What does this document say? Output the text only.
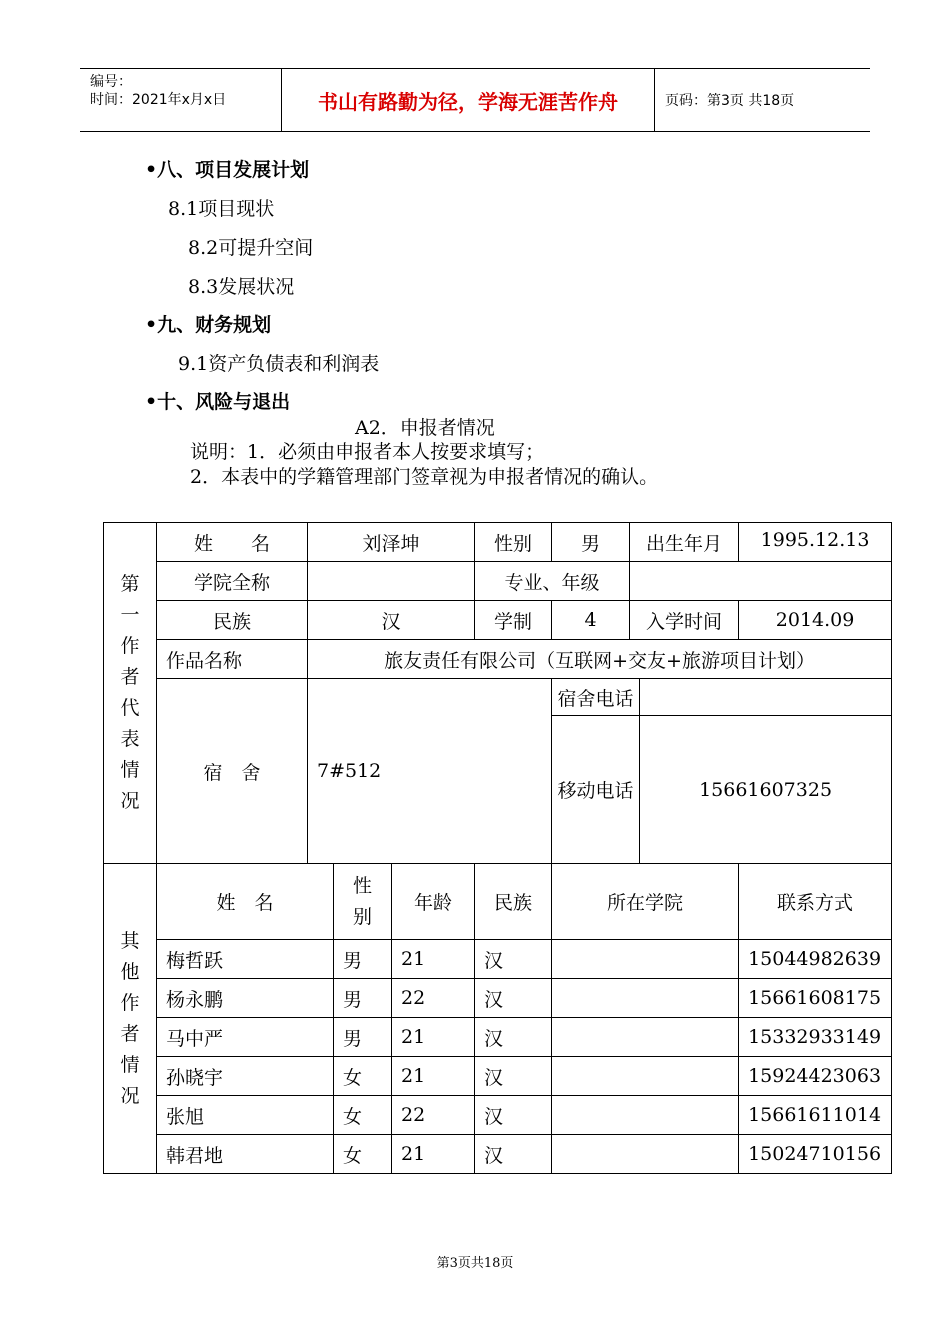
编号：
时间：2021年x月x日	书山有路勤为径，学海无涯苦作舟	页码：第3页 共18页
•八、项目发展计划
8.1项目现状
8.2可提升空间
8.3发展状况
•九、财务规划
9.1资产负债表和利润表
•十、风险与退出
A2．申报者情况
说明：1．必须由申报者本人按要求填写；
2．本表中的学籍管理部门签章视为申报者情况的确认。
第一作者代表情况	姓　　名	刘泽坤			性别	男	出生年月		1995.12.13
	学院全称				专业、年级				
	民族	汉			学制	4	入学时间		2014.09
	作品名称	旅友责任有限公司（互联网+交友+旅游项目计划）							
	宿　舍	7#512				宿舍电话			
						移动电话		15661607325	

其他作者情况	姓　名		性别	年龄	民族	所在学院			联系方式
	梅哲跃		男	21	汉				15044982639
	杨永鹏		男	22	汉				15661608175
	马中严		男	21	汉				15332933149
	孙晓宇		女	21	汉				15924423063
	张旭		女	22	汉				15661611014
	韩君地		女	21	汉				15024710156
第3页共18页
